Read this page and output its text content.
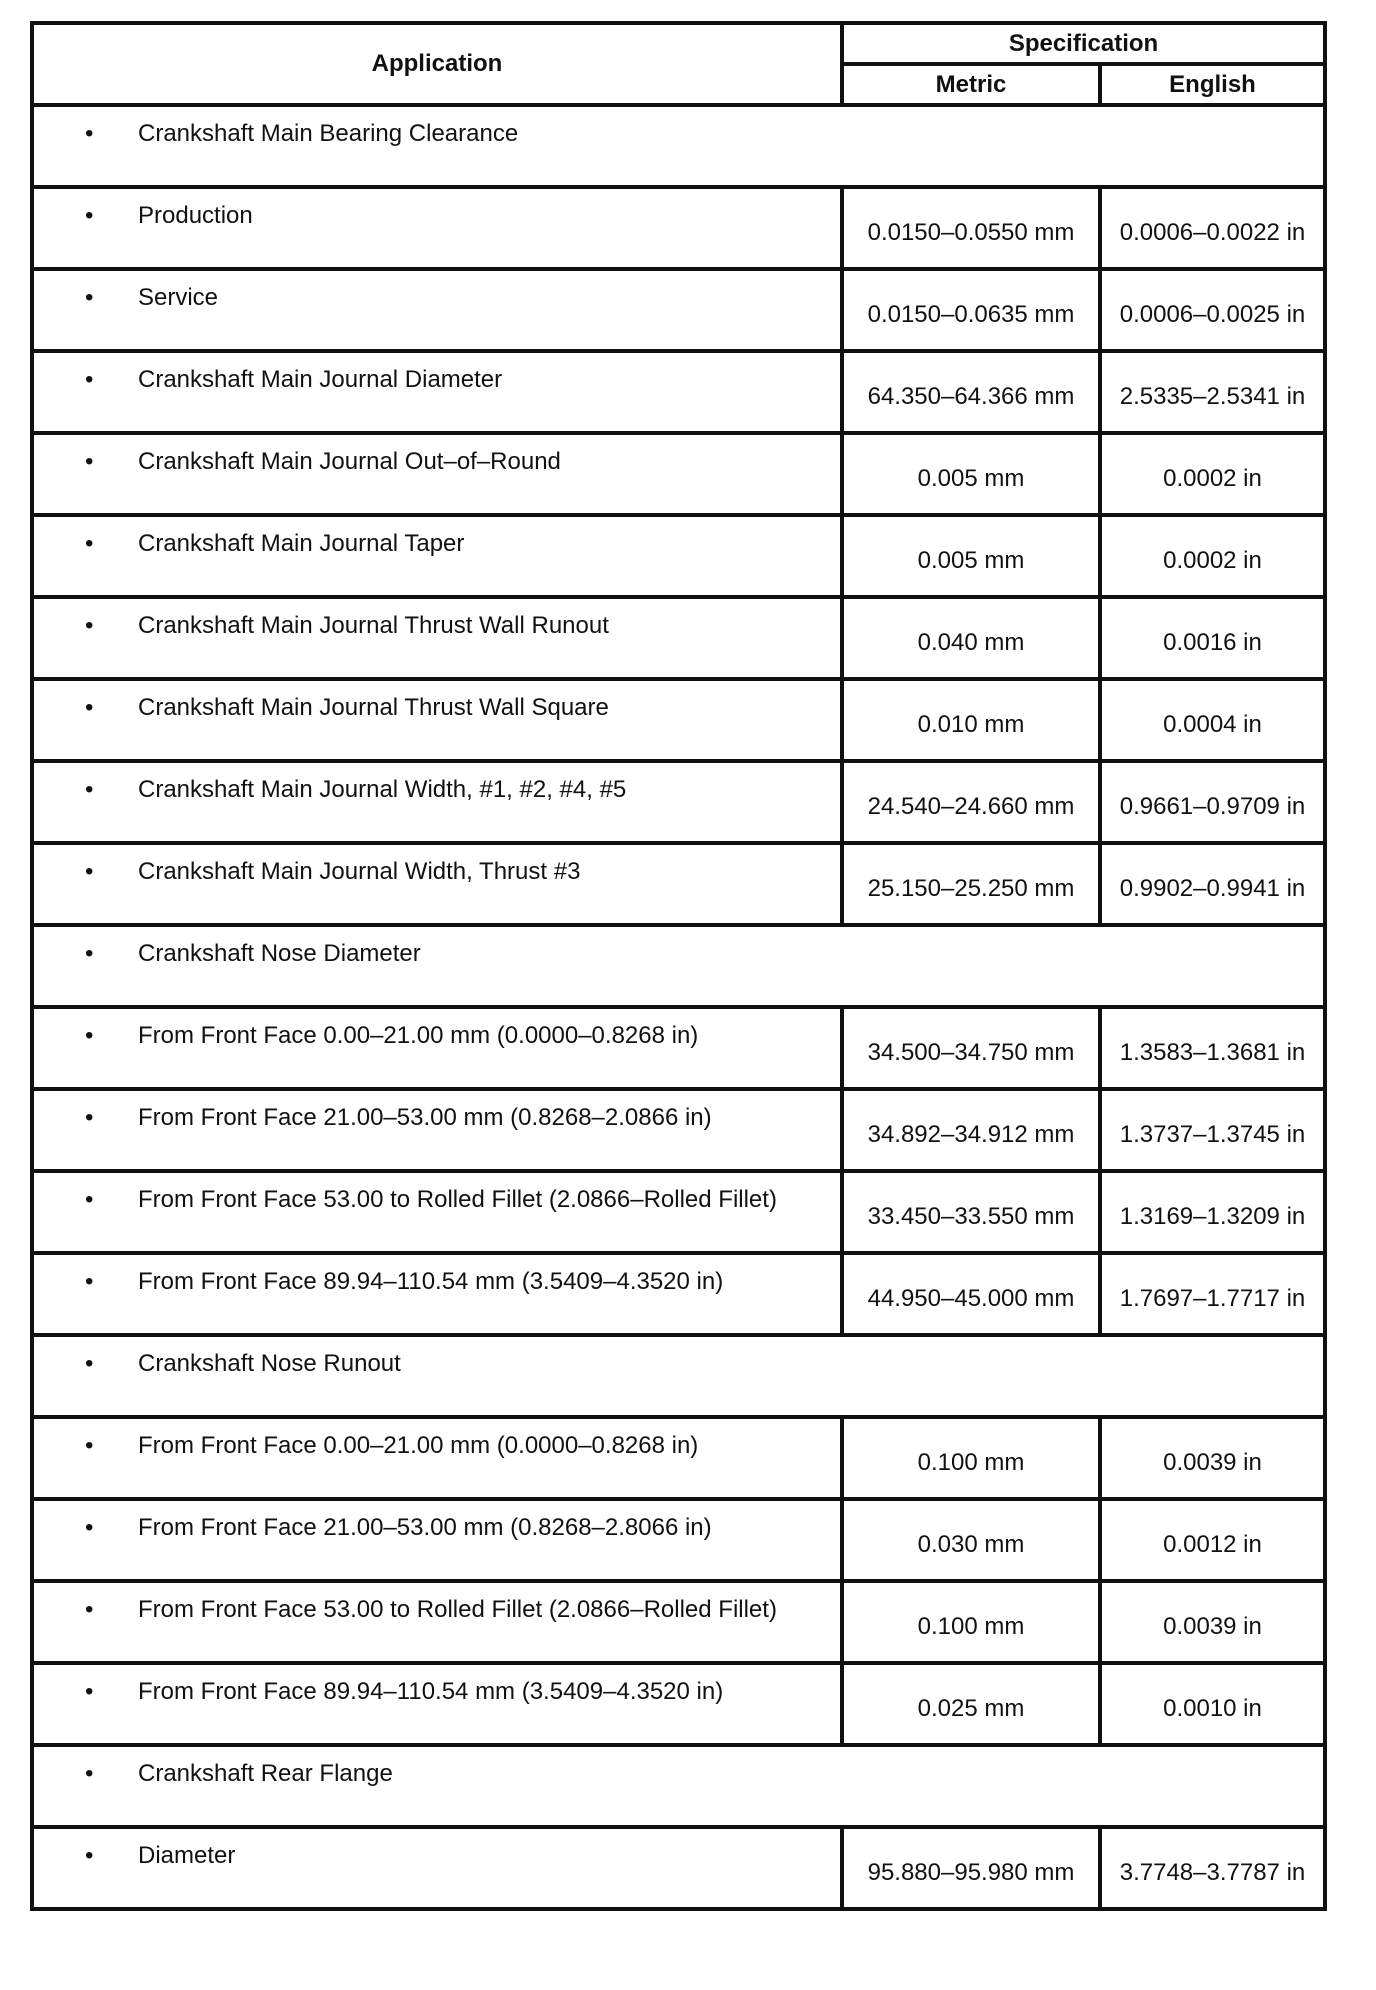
Application	Specification	
	Metric	English

• Crankshaft Main Bearing Clearance		

• Production	0.0150–0.0550 mm	0.0006–0.0022 in

• Service	0.0150–0.0635 mm	0.0006–0.0025 in

• Crankshaft Main Journal Diameter	64.350–64.366 mm	2.5335–2.5341 in

• Crankshaft Main Journal Out–of–Round	0.005 mm	0.0002 in

• Crankshaft Main Journal Taper	0.005 mm	0.0002 in

• Crankshaft Main Journal Thrust Wall Runout	0.040 mm	0.0016 in

• Crankshaft Main Journal Thrust Wall Square	0.010 mm	0.0004 in

• Crankshaft Main Journal Width, #1, #2, #4, #5	24.540–24.660 mm	0.9661–0.9709 in

• Crankshaft Main Journal Width, Thrust #3	25.150–25.250 mm	0.9902–0.9941 in

• Crankshaft Nose Diameter		

• From Front Face 0.00–21.00 mm (0.0000–0.8268 in)	34.500–34.750 mm	1.3583–1.3681 in

• From Front Face 21.00–53.00 mm (0.8268–2.0866 in)	34.892–34.912 mm	1.3737–1.3745 in

• From Front Face 53.00 to Rolled Fillet (2.0866–Rolled Fillet)	33.450–33.550 mm	1.3169–1.3209 in

• From Front Face 89.94–110.54 mm (3.5409–4.3520 in)	44.950–45.000 mm	1.7697–1.7717 in

• Crankshaft Nose Runout		

• From Front Face 0.00–21.00 mm (0.0000–0.8268 in)	0.100 mm	0.0039 in

• From Front Face 21.00–53.00 mm (0.8268–2.8066 in)	0.030 mm	0.0012 in

• From Front Face 53.00 to Rolled Fillet (2.0866–Rolled Fillet)	0.100 mm	0.0039 in

• From Front Face 89.94–110.54 mm (3.5409–4.3520 in)	0.025 mm	0.0010 in

• Crankshaft Rear Flange		

• Diameter	95.880–95.980 mm	3.7748–3.7787 in
